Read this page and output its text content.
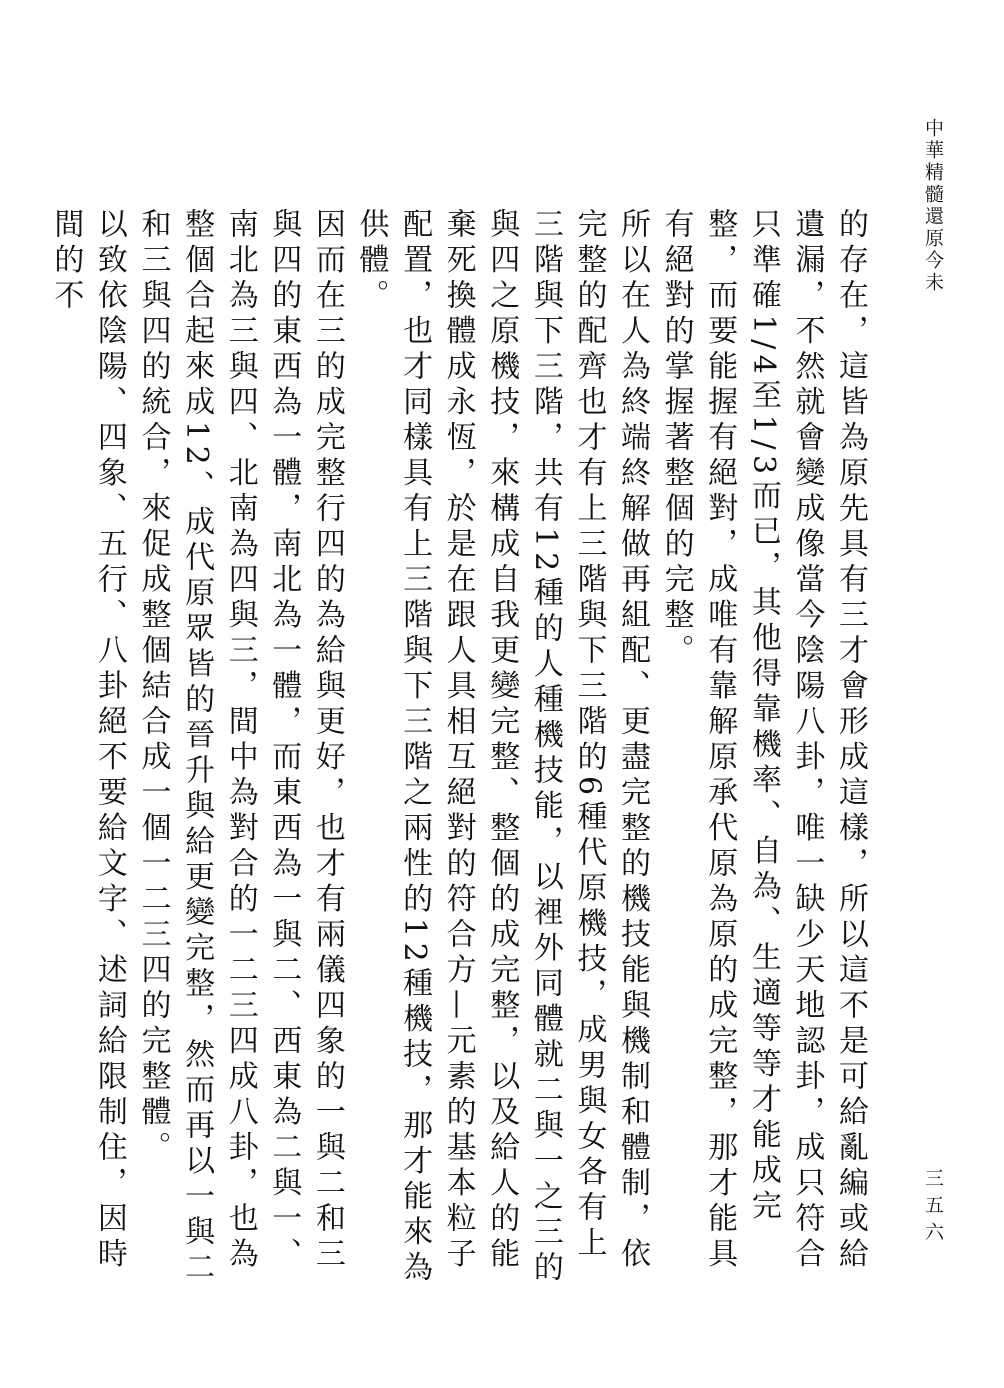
中華精髓還原今未
三五六

的存在，這皆為原先具有三才會形成這樣，所以這不是可給亂編或給遺漏，不然就會變成像當今陰陽八卦，唯一缺少天地認卦，成只符合只準確1/4至1/3而已，其他得靠機率、自為、生適等等才能成完整，而要能握有絕對，成唯有靠解原承代原為原的成完整，那才能具有絕對的掌握著整個的完整。

所以在人為終端終解做再組配、更盡完整的機技能與機制和體制，依完整的配齊也才有上三階與下三階的6種代原機技，成男與女各有上三階與下三階，共有12種的人種機技能，以裡外同體就二與一之三的與四之原機技，來構成自我更變完整、整個的成完整，以及給人的能棄死換體成永恆，於是在跟人具相互絕對的符合方—元素的基本粒子配置，也才同樣具有上三階與下三階之兩性的12種機技，那才能來為供體。

因而在三的成完整行四的為給與更好，也才有兩儀四象的一與二和三與四的東西為一體，南北為一體，而東西為一與二、西東為二與一、南北為三與四、北南為四與三，間中為對合的一二三四成八卦，也為整個合起來成12、成代原眾皆的晉升與給更變完整，然而再以一與二和三與四的統合，來促成整個結合成一個一二三四的完整體。

以致依陰陽、四象、五行、八卦絕不要給文字、述詞給限制住，因時間的不
